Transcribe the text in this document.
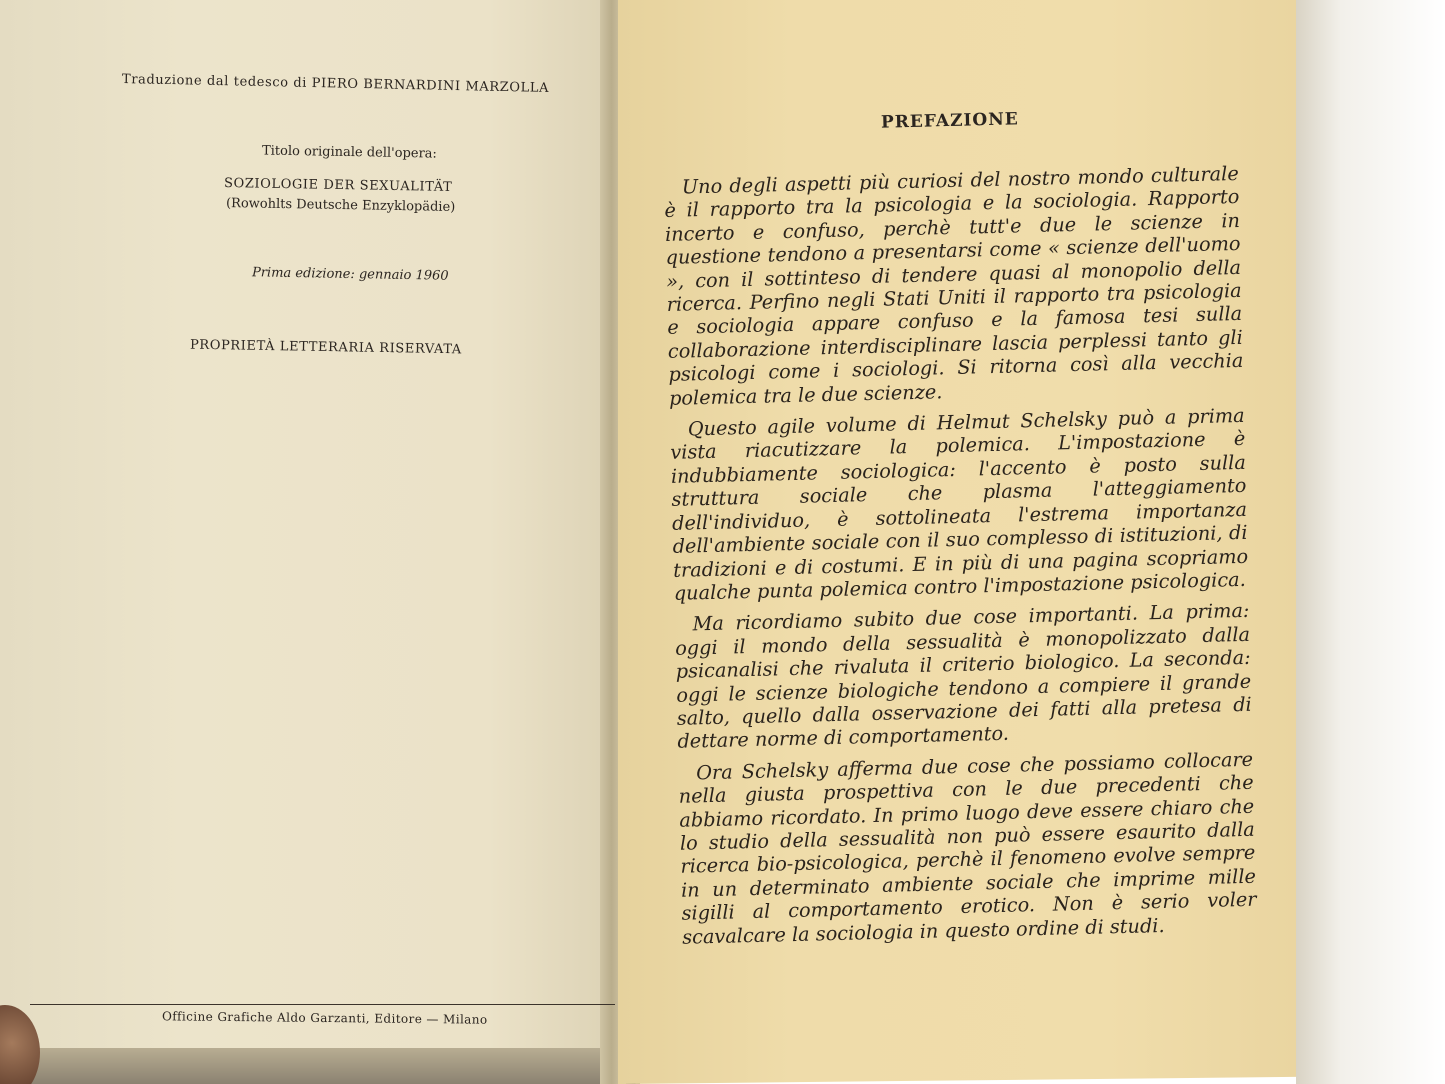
Traduzione dal tedesco di PIERO BERNARDINI MARZOLLA
Titolo originale dell'opera:
SOZIOLOGIE DER SEXUALITÄT
(Rowohlts Deutsche Enzyklopädie)
Prima edizione: gennaio 1960
PROPRIETÀ LETTERARIA RISERVATA
Officine Grafiche Aldo Garzanti, Editore — Milano
PREFAZIONE

Uno degli aspetti più curiosi del nostro mondo culturale è il rapporto tra la psicologia e la sociologia. Rapporto incerto e confuso, perchè tutt'e due le scienze in questione tendono a presentarsi come « scienze dell'uomo », con il sottinteso di tendere quasi al monopolio della ricerca. Perfino negli Stati Uniti il rapporto tra psicologia e sociologia appare confuso e la famosa tesi sulla collaborazione interdisciplinare lascia perplessi tanto gli psicologi come i sociologi. Si ritorna così alla vecchia polemica tra le due scienze.

Questo agile volume di Helmut Schelsky può a prima vista riacutizzare la polemica. L'impostazione è indubbiamente sociologica: l'accento è posto sulla struttura sociale che plasma l'atteggiamento dell'individuo, è sottolineata l'estrema importanza dell'ambiente sociale con il suo complesso di istituzioni, di tradizioni e di costumi. E in più di una pagina scopriamo qualche punta polemica contro l'impostazione psicologica.

Ma ricordiamo subito due cose importanti. La prima: oggi il mondo della sessualità è monopolizzato dalla psicanalisi che rivaluta il criterio biologico. La seconda: oggi le scienze biologiche tendono a compiere il grande salto, quello dalla osservazione dei fatti alla pretesa di dettare norme di comportamento.

Ora Schelsky afferma due cose che possiamo collocare nella giusta prospettiva con le due precedenti che abbiamo ricordato. In primo luogo deve essere chiaro che lo studio della sessualità non può essere esaurito dalla ricerca bio-psicologica, perchè il fenomeno evolve sempre in un determinato ambiente sociale che imprime mille sigilli al comportamento erotico. Non è serio voler scavalcare la sociologia in questo ordine di studi.
